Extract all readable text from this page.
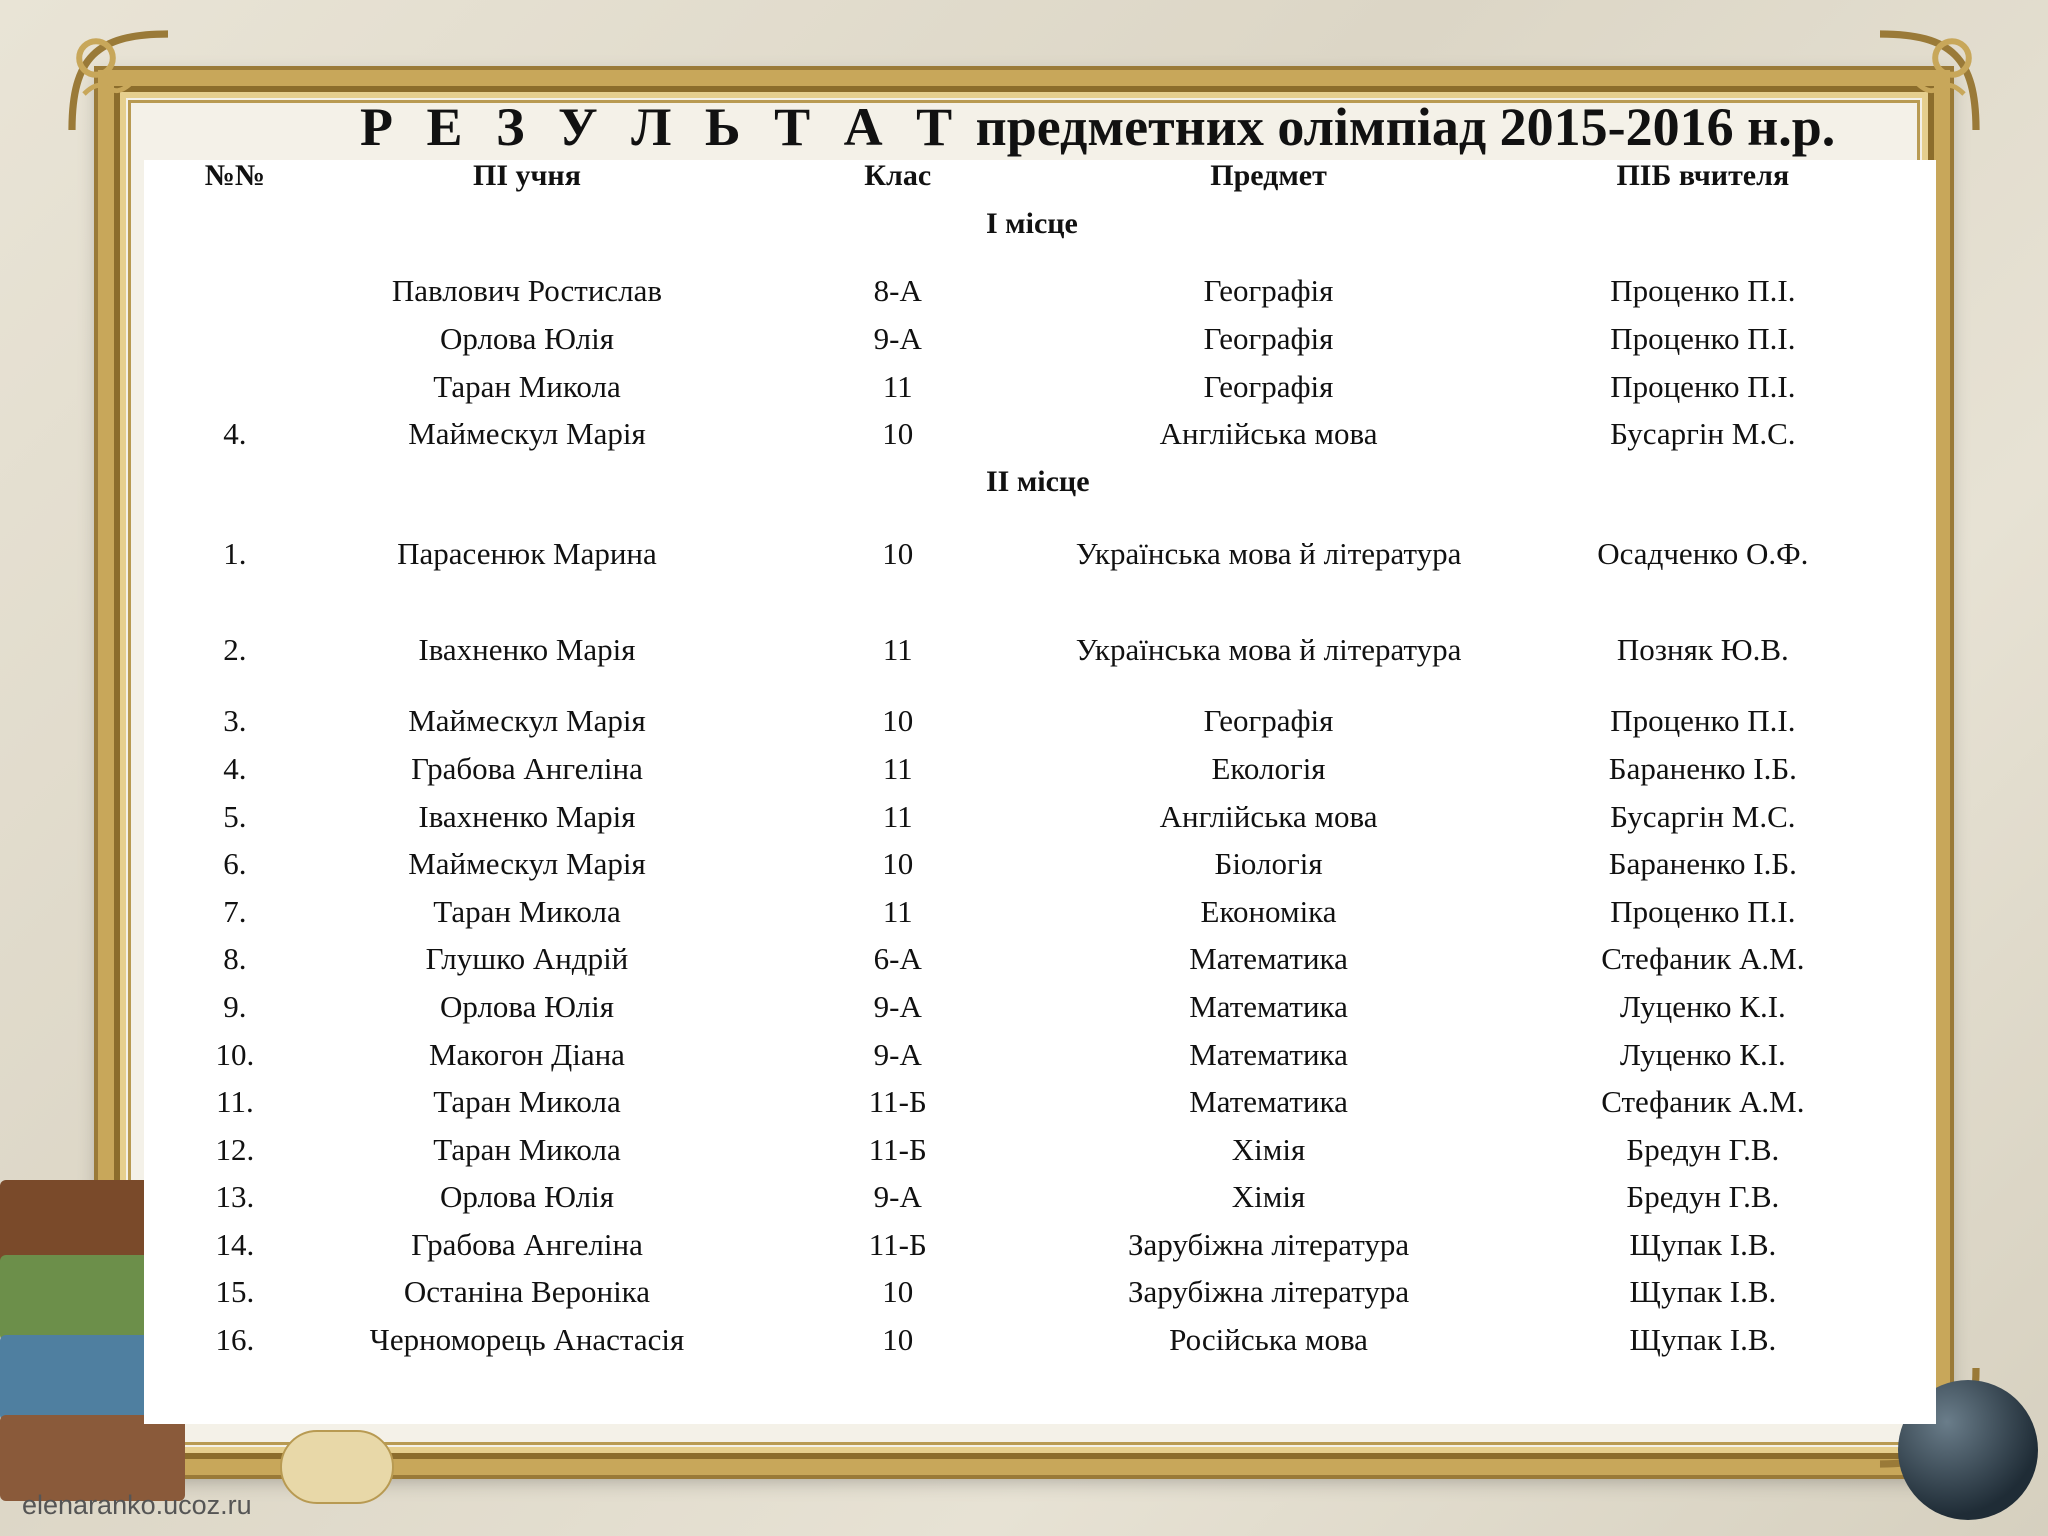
Р Е З У Л Ь Т А Т предметних олімпіад 2015-2016 н.р.
№№	ПІ учня	Клас	Предмет	ПІБ вчителя
І місце				

	Павлович Ростислав	8-А	Географія	Проценко П.І.
	Орлова Юлія	9-А	Географія	Проценко П.І.
	Таран Микола	11	Географія	Проценко П.І.
4.	Маймескул Марія	10	Англійська мова	Бусаргін М.С.
ІІ місце				
1.	Парасенюк Марина	10	Українська мова й література	Осадченко О.Ф.
2.	Івахненко Марія	11	Українська мова й література	Позняк Ю.В.
3.	Маймескул Марія	10	Географія	Проценко П.І.
4.	Грабова Ангеліна	11	Екологія	Бараненко І.Б.
5.	Івахненко Марія	11	Англійська мова	Бусаргін М.С.
6.	Маймескул Марія	10	Біологія	Бараненко І.Б.
7.	Таран Микола	11	Економіка	Проценко П.І.
8.	Глушко Андрій	6-А	Математика	Стефаник А.М.
9.	Орлова Юлія	9-А	Математика	Луценко К.І.
10.	Макогон Діана	9-А	Математика	Луценко К.І.
11.	Таран Микола	11-Б	Математика	Стефаник А.М.
12.	Таран Микола	11-Б	Хімія	Бредун Г.В.
13.	Орлова Юлія	9-А	Хімія	Бредун Г.В.
14.	Грабова Ангеліна	11-Б	Зарубіжна література	Щупак І.В.
15.	Останіна Вероніка	10	Зарубіжна література	Щупак І.В.
16.	Черноморець Анастасія	10	Російська мова	Щупак І.В.
elenaranko.ucoz.ru
